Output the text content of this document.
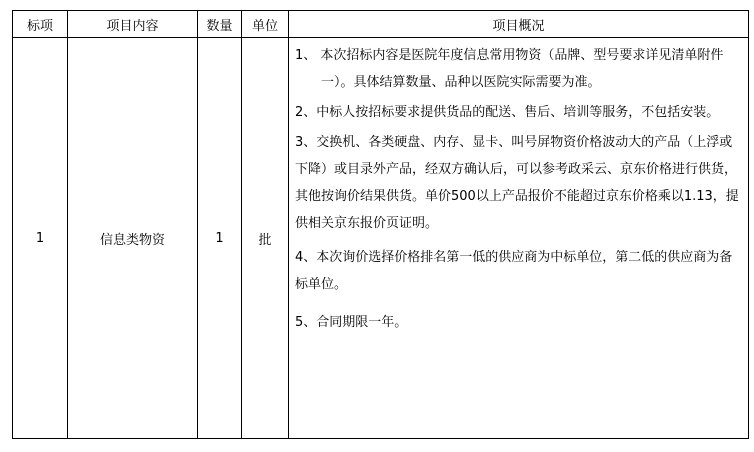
标项	项目内容	数量	单位	项目概况
1	信息类物资	1	批	1、 本次招标内容是医院年度信息常用物资（品牌、型号要求详见清单附件一）。具体结算数量、品种以医院实际需要为准。

2、中标人按招标要求提供货品的配送、售后、培训等服务，不包括安装。

3、交换机、各类硬盘、内存、显卡、叫号屏物资价格波动大的产品（上浮或下降）或目录外产品，经双方确认后，可以参考政采云、京东价格进行供货，其他按询价结果供货。单价500以上产品报价不能超过京东价格乘以1.13，提供相关京东报价页证明。

4、本次询价选择价格排名第一低的供应商为中标单位，第二低的供应商为备标单位。

5、合同期限一年。
